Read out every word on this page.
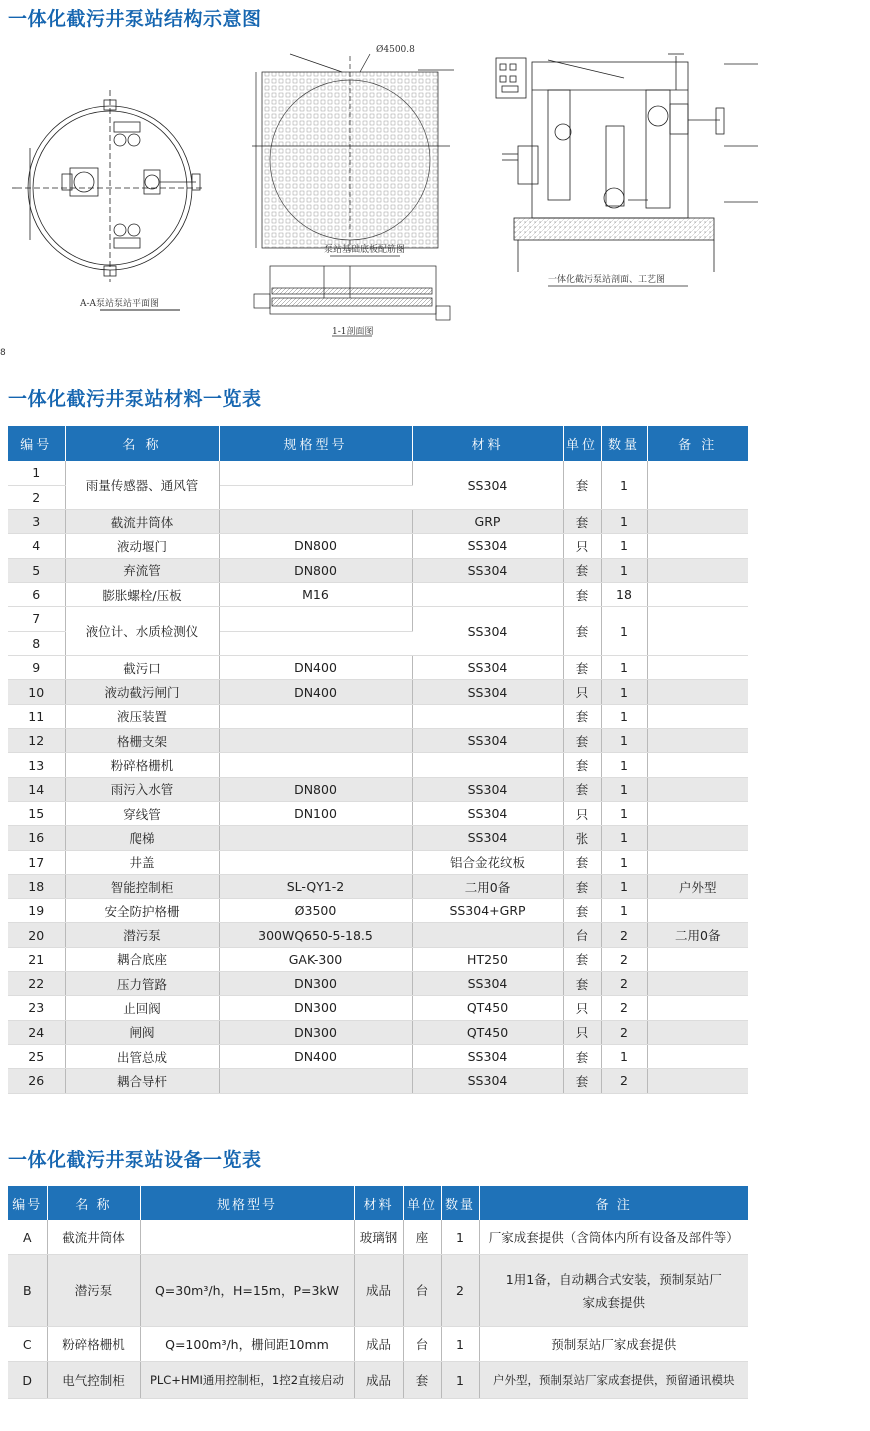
一体化截污井泵站结构示意图
A-A泵站泵站平面图
Ø4500.8
泵站基础底板配筋图
1-1剖面图
一体化截污泵站剖面、工艺图
8
一体化截污井泵站材料一览表
编号	名 称	规格型号	材料	单位	数量	备 注
1	雨量传感器、通风管		SS304	套	1	
2						
3	截流井筒体		GRP	套	1	
4	液动堰门	DN800	SS304	只	1	
5	弃流管	DN800	SS304	套	1	
6	膨胀螺栓/压板	M16		套	18	
7	液位计、水质检测仪		SS304	套	1	
8						
9	截污口	DN400	SS304	套	1	
10	液动截污闸门	DN400	SS304	只	1	
11	液压装置			套	1	
12	格栅支架		SS304	套	1	
13	粉碎格栅机			套	1	
14	雨污入水管	DN800	SS304	套	1	
15	穿线管	DN100	SS304	只	1	
16	爬梯		SS304	张	1	
17	井盖		铝合金花纹板	套	1	
18	智能控制柜	SL-QY1-2	二用0备	套	1	户外型
19	安全防护格栅	Ø3500	SS304+GRP	套	1	
20	潜污泵	300WQ650-5-18.5		台	2	二用0备
21	耦合底座	GAK-300	HT250	套	2	
22	压力管路	DN300	SS304	套	2	
23	止回阀	DN300	QT450	只	2	
24	闸阀	DN300	QT450	只	2	
25	出管总成	DN400	SS304	套	1	
26	耦合导杆		SS304	套	2	
一体化截污井泵站设备一览表
编号	名 称	规格型号	材料	单位	数量	备 注
A	截流井筒体		玻璃钢	座	1	厂家成套提供（含筒体内所有设备及部件等）
B	潜污泵	Q=30m³/h，H=15m，P=3kW	成品	台	2	1用1备，自动耦合式安装，预制泵站厂
家成套提供

C	粉碎格栅机	Q=100m³/h，栅间距10mm	成品	台	1	预制泵站厂家成套提供
D	电气控制柜	PLC+HMI通用控制柜，1控2直接启动	成品	套	1	户外型，预制泵站厂家成套提供，预留通讯模块
